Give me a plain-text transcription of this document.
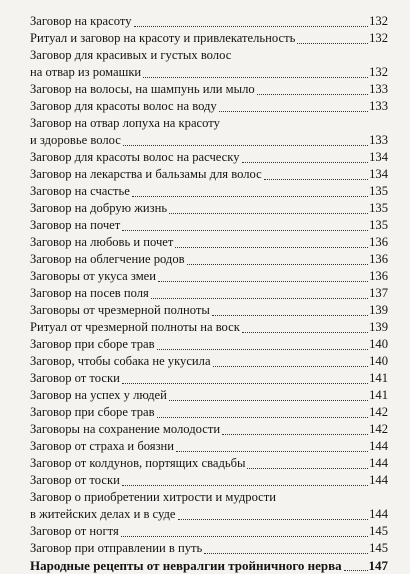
Заговор на красоту	132
Ритуал и заговор на красоту и привлекательность	132
Заговор для красивых и густых волос
на отвар из ромашки	132
Заговор на волосы, на шампунь или мыло	133
Заговор для красоты волос на воду	133
Заговор на отвар лопуха на красоту
и здоровье волос	133
Заговор для красоты волос на расческу	134
Заговор на лекарства и бальзамы для волос	134
Заговор на счастье	135
Заговор на добрую жизнь	135
Заговор на почет	135
Заговор на любовь и почет	136
Заговор на облегчение родов	136
Заговоры от укуса змеи	136
Заговор на посев поля	137
Заговоры от чрезмерной полноты	139
Ритуал от чрезмерной полноты на воск	139
Заговор при сборе трав	140
Заговор, чтобы собака не укусила	140
Заговор от тоски	141
Заговор на успех у людей	141
Заговор при сборе трав	142
Заговоры на сохранение молодости	142
Заговор от страха и боязни	144
Заговор от колдунов, портящих свадьбы	144
Заговор от тоски	144
Заговор о приобретении хитрости и мудрости
в житейских делах и в суде	144
Заговор от ногтя	145
Заговор при отправлении в путь	145
Народные рецепты от невралгии тройничного нерва 147
